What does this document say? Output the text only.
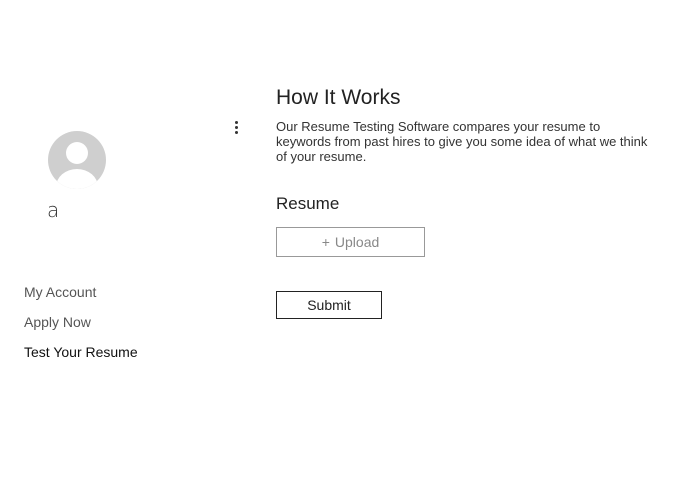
a
My Account
Apply Now
Test Your Resume
How It Works

Our Resume Testing Software compares your resume to keywords from past hires to give you some idea of what we think of your resume.

Resume
+ Upload
Submit
